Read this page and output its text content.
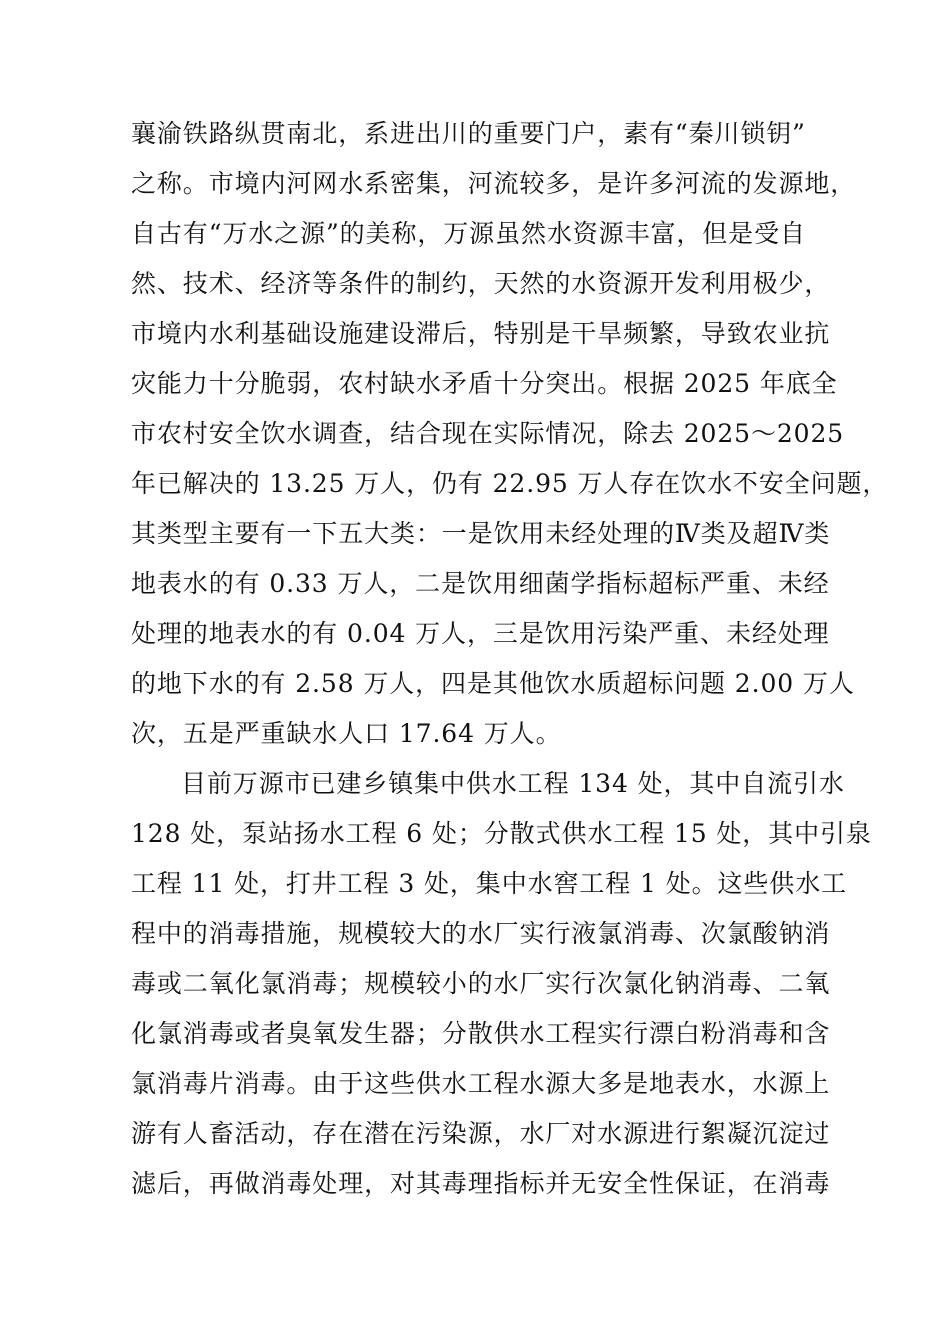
襄渝铁路纵贯南北，系进出川的重要门户，素有“秦川锁钥”
之称。市境内河网水系密集，河流较多，是许多河流的发源地，
自古有“万水之源”的美称，万源虽然水资源丰富，但是受自
然、技术、经济等条件的制约，天然的水资源开发利用极少，
市境内水利基础设施建设滞后，特别是干旱频繁，导致农业抗
灾能力十分脆弱，农村缺水矛盾十分突出。根据 2025 年底全
市农村安全饮水调查，结合现在实际情况，除去 2025～2025
年已解决的 13.25 万人，仍有 22.95 万人存在饮水不安全问题，
其类型主要有一下五大类：一是饮用未经处理的Ⅳ类及超Ⅳ类
地表水的有 0.33 万人，二是饮用细菌学指标超标严重、未经
处理的地表水的有 0.04 万人，三是饮用污染严重、未经处理
的地下水的有 2.58 万人，四是其他饮水质超标问题 2.00 万人
次，五是严重缺水人口 17.64 万人。
目前万源市已建乡镇集中供水工程 134 处，其中自流引水
128 处，泵站扬水工程 6 处；分散式供水工程 15 处，其中引泉
工程 11 处，打井工程 3 处，集中水窖工程 1 处。这些供水工
程中的消毒措施，规模较大的水厂实行液氯消毒、次氯酸钠消
毒或二氧化氯消毒；规模较小的水厂实行次氯化钠消毒、二氧
化氯消毒或者臭氧发生器；分散供水工程实行漂白粉消毒和含
氯消毒片消毒。由于这些供水工程水源大多是地表水，水源上
游有人畜活动，存在潜在污染源，水厂对水源进行絮凝沉淀过
滤后，再做消毒处理，对其毒理指标并无安全性保证，在消毒
